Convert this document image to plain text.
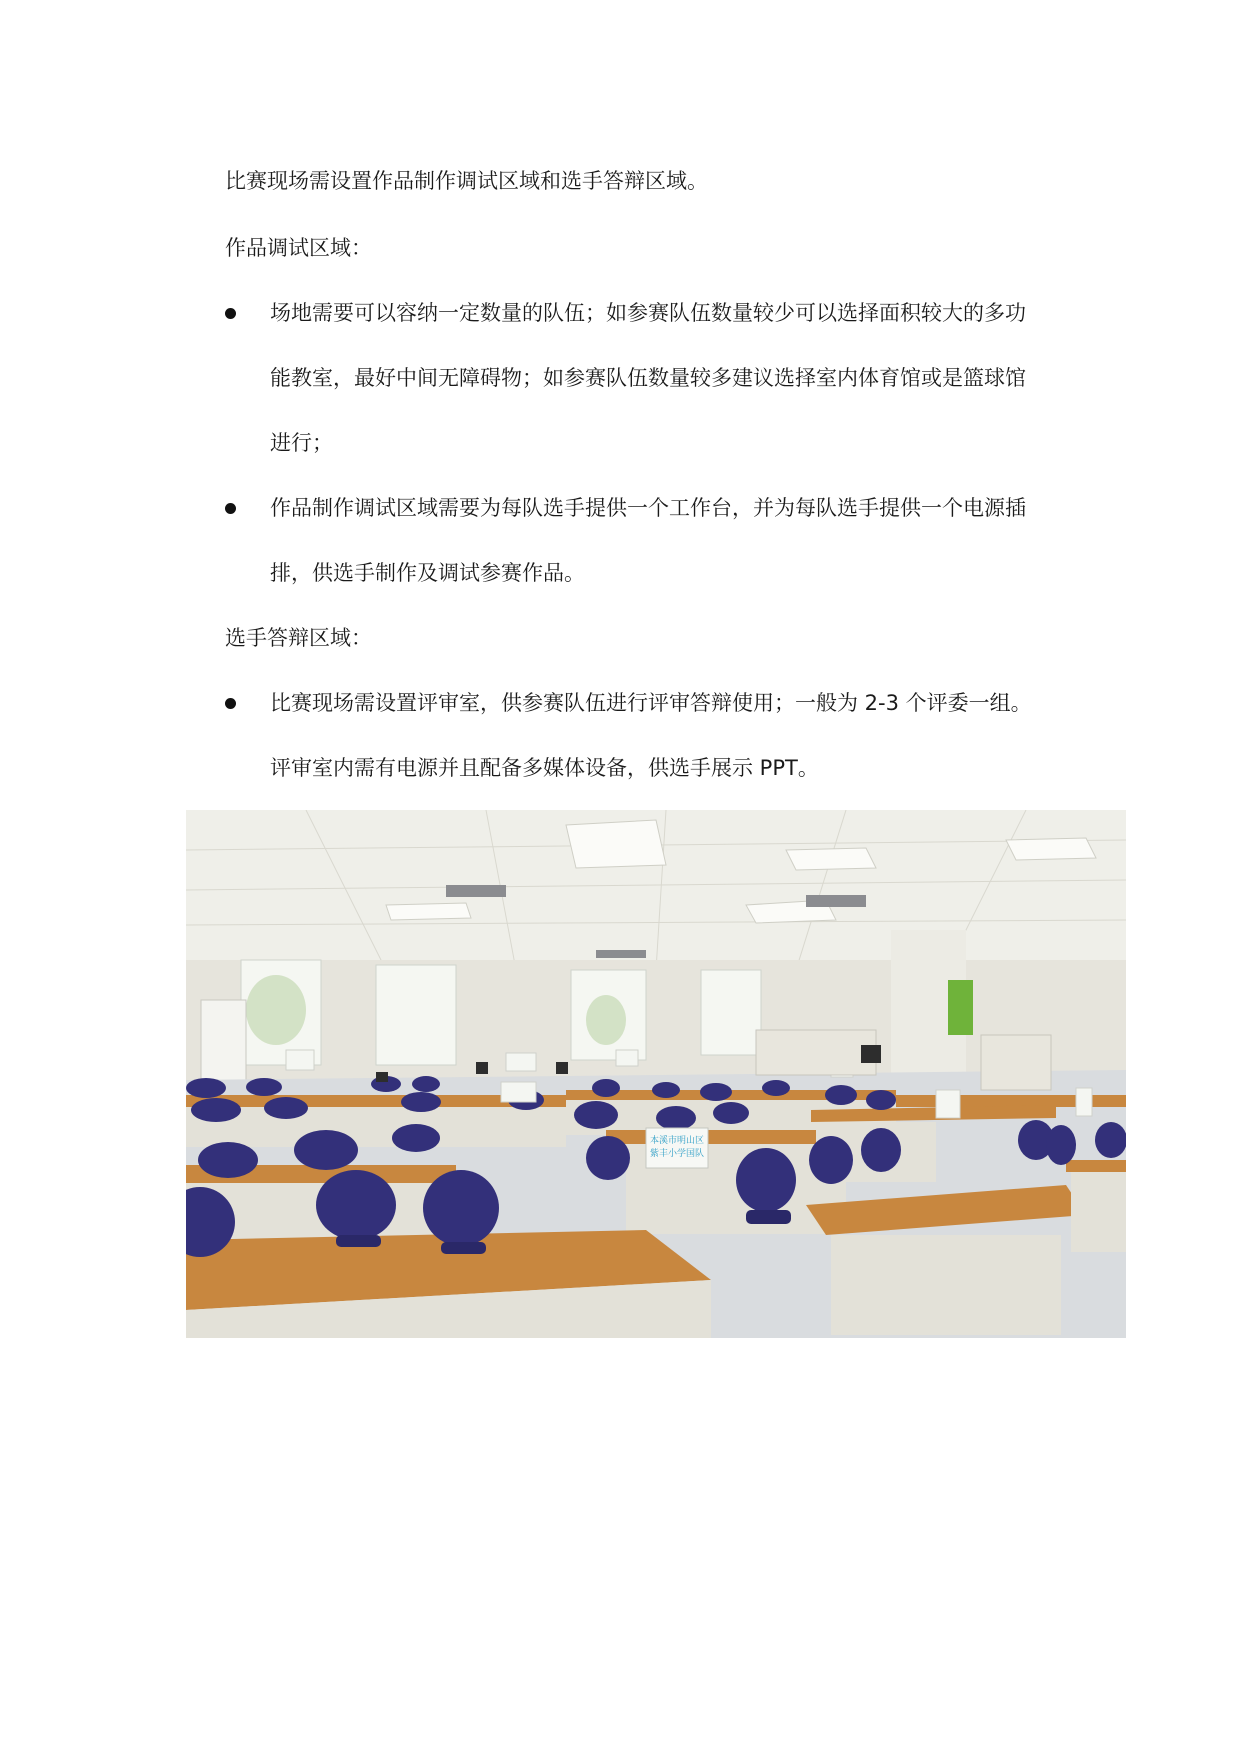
比赛现场需设置作品制作调试区域和选手答辩区域。
作品调试区域：
场地需要可以容纳一定数量的队伍；如参赛队伍数量较少可以选择面积较大的多功
能教室，最好中间无障碍物；如参赛队伍数量较多建议选择室内体育馆或是篮球馆
进行；
作品制作调试区域需要为每队选手提供一个工作台，并为每队选手提供一个电源插
排，供选手制作及调试参赛作品。
选手答辩区域：
比赛现场需设置评审室，供参赛队伍进行评审答辩使用；一般为 2-3 个评委一组。
评审室内需有电源并且配备多媒体设备，供选手展示 PPT。
本溪市明山区
紫丰小学国队
